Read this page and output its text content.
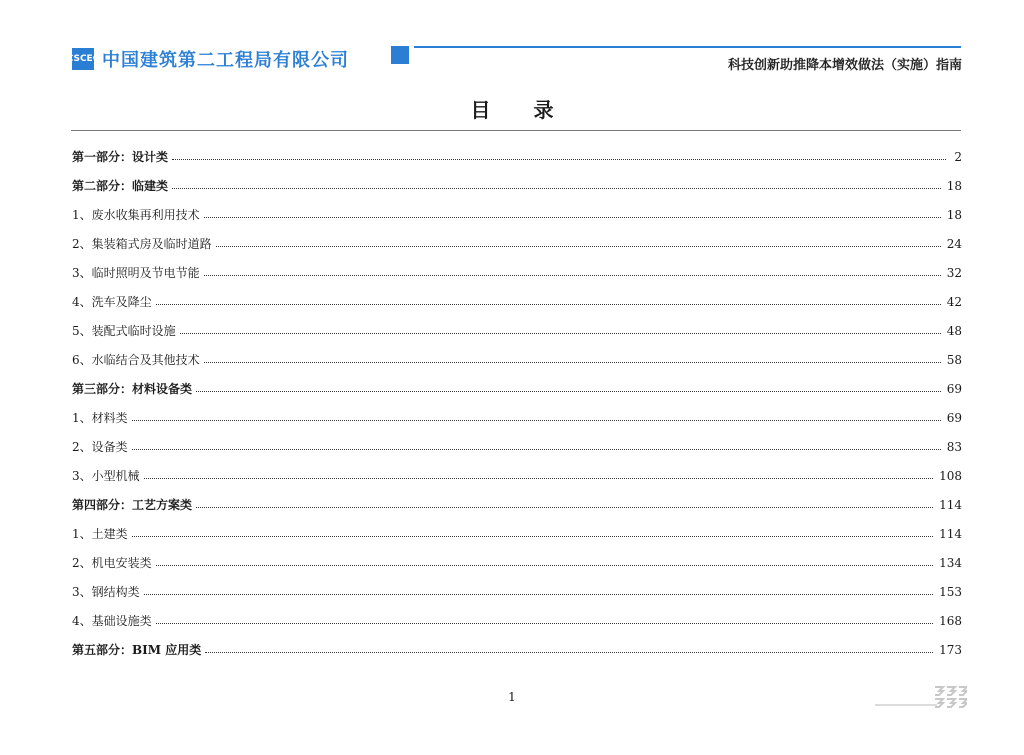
CSCEC 中国建筑第二工程局有限公司	科技创新助推降本增效做法（实施）指南
目 录
第一部分：设计类	2
第二部分：临建类	18
1、废水收集再利用技术	18
2、集装箱式房及临时道路	24
3、临时照明及节电节能	32
4、洗车及降尘	42
5、装配式临时设施	48
6、水临结合及其他技术	58
第三部分：材料设备类	69
1、材料类	69
2、设备类	83
3、小型机械	108
第四部分：工艺方案类	114
1、土建类	114
2、机电安装类	134
3、钢结构类	153
4、基础设施类	168
第五部分：BIM 应用类	173
1
